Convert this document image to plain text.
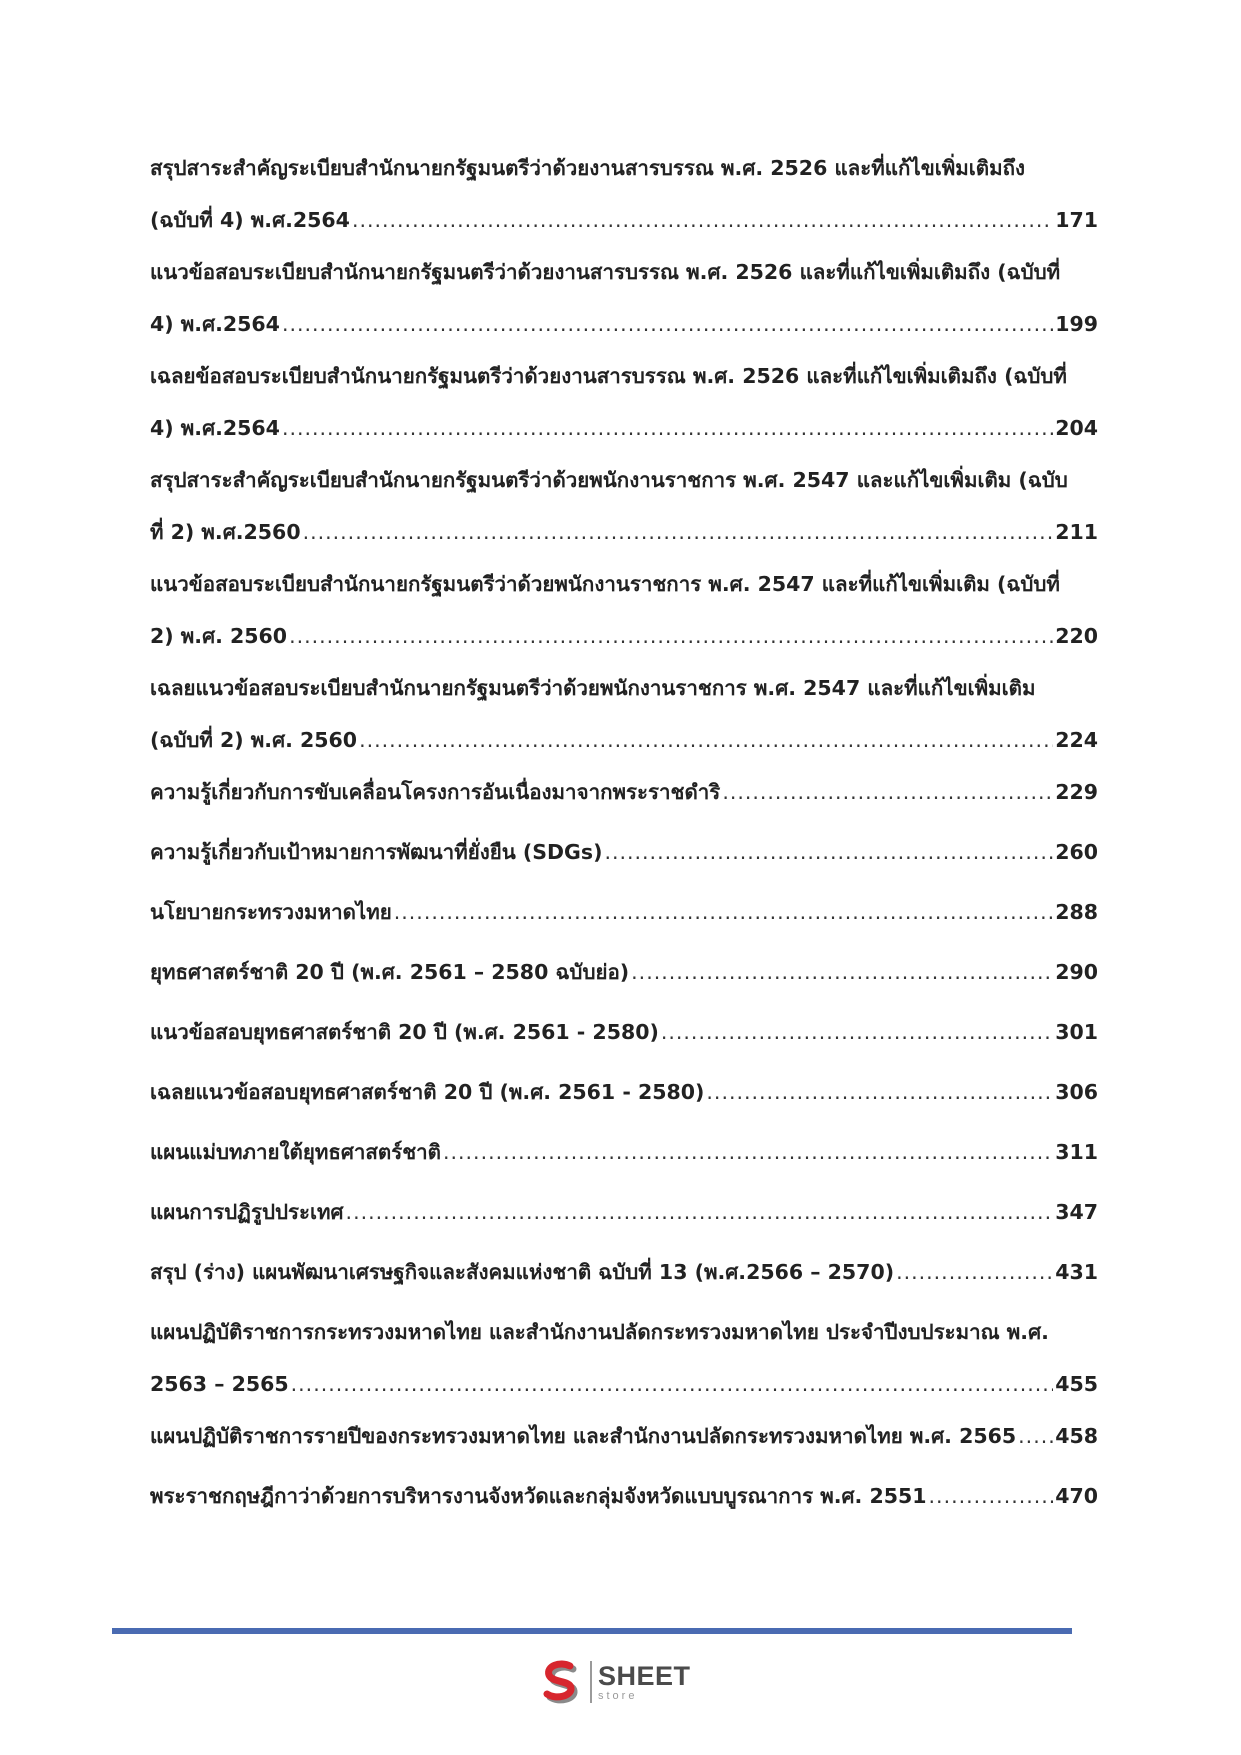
สรุปสาระสำคัญระเบียบสำนักนายกรัฐมนตรีว่าด้วยงานสารบรรณ พ.ศ. 2526 และที่แก้ไขเพิ่มเติมถึง
(ฉบับที่ 4) พ.ศ.2564 .....	171
แนวข้อสอบระเบียบสำนักนายกรัฐมนตรีว่าด้วยงานสารบรรณ พ.ศ. 2526 และที่แก้ไขเพิ่มเติมถึง (ฉบับที่
4) พ.ศ.2564 .....	199
เฉลยข้อสอบระเบียบสำนักนายกรัฐมนตรีว่าด้วยงานสารบรรณ พ.ศ. 2526 และที่แก้ไขเพิ่มเติมถึง (ฉบับที่
4) พ.ศ.2564 .....	204
สรุปสาระสำคัญระเบียบสำนักนายกรัฐมนตรีว่าด้วยพนักงานราชการ พ.ศ. 2547 และแก้ไขเพิ่มเติม (ฉบับ
ที่ 2) พ.ศ.2560 .....	211
แนวข้อสอบระเบียบสำนักนายกรัฐมนตรีว่าด้วยพนักงานราชการ พ.ศ. 2547 และที่แก้ไขเพิ่มเติม (ฉบับที่
2) พ.ศ. 2560 .....	220
เฉลยแนวข้อสอบระเบียบสำนักนายกรัฐมนตรีว่าด้วยพนักงานราชการ พ.ศ. 2547 และที่แก้ไขเพิ่มเติม
(ฉบับที่ 2) พ.ศ. 2560 .....	224
ความรู้เกี่ยวกับการขับเคลื่อนโครงการอันเนื่องมาจากพระราชดำริ .....	229
ความรู้เกี่ยวกับเป้าหมายการพัฒนาที่ยั่งยืน (SDGs) .....	260
นโยบายกระทรวงมหาดไทย .....	288
ยุทธศาสตร์ชาติ 20 ปี (พ.ศ. 2561 – 2580 ฉบับย่อ) .....	290
แนวข้อสอบยุทธศาสตร์ชาติ 20 ปี (พ.ศ. 2561 - 2580) .....	301
เฉลยแนวข้อสอบยุทธศาสตร์ชาติ 20 ปี (พ.ศ. 2561 - 2580) .....	306
แผนแม่บทภายใต้ยุทธศาสตร์ชาติ .....	311
แผนการปฏิรูปประเทศ .....	347
สรุป (ร่าง) แผนพัฒนาเศรษฐกิจและสังคมแห่งชาติ ฉบับที่ 13 (พ.ศ.2566 – 2570) .....	431
แผนปฏิบัติราชการกระทรวงมหาดไทย และสำนักงานปลัดกระทรวงมหาดไทย ประจำปีงบประมาณ พ.ศ.
2563 – 2565 .....	455
แผนปฏิบัติราชการรายปีของกระทรวงมหาดไทย และสำนักงานปลัดกระทรวงมหาดไทย พ.ศ. 2565 ..... 458
พระราชกฤษฎีกาว่าด้วยการบริหารงานจังหวัดและกลุ่มจังหวัดแบบบูรณาการ พ.ศ. 2551 .....	470
SHEET
store
